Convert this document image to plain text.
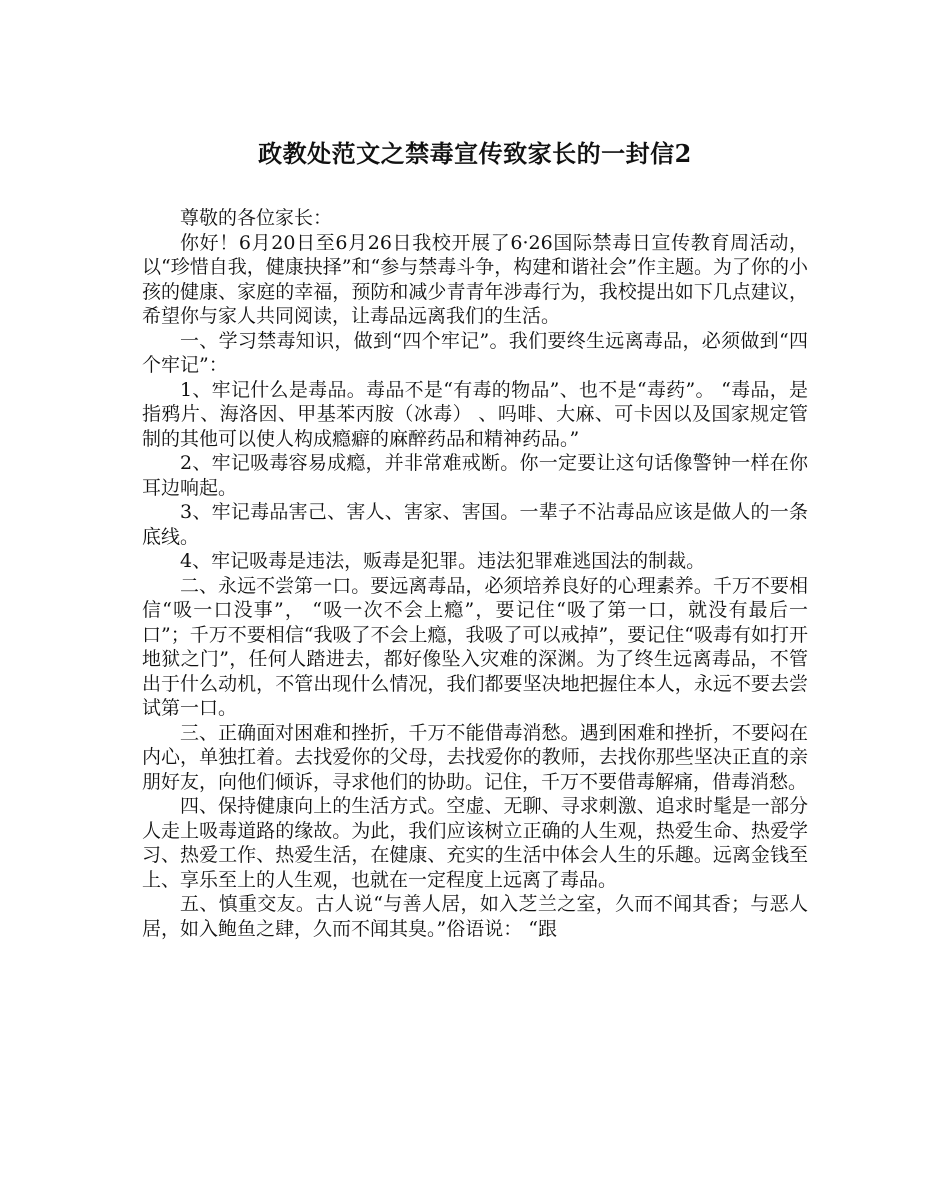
政教处范文之禁毒宣传致家长的一封信2

尊敬的各位家长：

你好！6月20日至6月26日我校开展了6·26国际禁毒日宣传教育周活动，以“珍惜自我，健康抉择”和“参与禁毒斗争，构建和谐社会”作主题。为了你的小孩的健康、家庭的幸福，预防和减少青青年涉毒行为，我校提出如下几点建议，希望你与家人共同阅读，让毒品远离我们的生活。

一、学习禁毒知识，做到“四个牢记”。我们要终生远离毒品，必须做到“四个牢记”：

1、牢记什么是毒品。毒品不是“有毒的物品”、也不是“毒药”。 “毒品，是指鸦片、海洛因、甲基苯丙胺（冰毒） 、吗啡、大麻、可卡因以及国家规定管制的其他可以使人构成瘾癖的麻醉药品和精神药品。”

2、牢记吸毒容易成瘾，并非常难戒断。你一定要让这句话像警钟一样在你耳边响起。

3、牢记毒品害己、害人、害家、害国。一辈子不沾毒品应该是做人的一条底线。

4、牢记吸毒是违法，贩毒是犯罪。违法犯罪难逃国法的制裁。

二、永远不尝第一口。要远离毒品，必须培养良好的心理素养。千万不要相信“吸一口没事”， “吸一次不会上瘾”，要记住“吸了第一口，就没有最后一口”；千万不要相信“我吸了不会上瘾，我吸了可以戒掉”，要记住“吸毒有如打开地狱之门”，任何人踏进去，都好像坠入灾难的深渊。为了终生远离毒品，不管出于什么动机，不管出现什么情况，我们都要坚决地把握住本人，永远不要去尝试第一口。

三、正确面对困难和挫折，千万不能借毒消愁。遇到困难和挫折，不要闷在内心，单独扛着。去找爱你的父母，去找爱你的教师，去找你那些坚决正直的亲朋好友，向他们倾诉，寻求他们的协助。记住，千万不要借毒解痛，借毒消愁。

四、保持健康向上的生活方式。空虚、无聊、寻求刺激、追求时髦是一部分人走上吸毒道路的缘故。为此，我们应该树立正确的人生观，热爱生命、热爱学习、热爱工作、热爱生活，在健康、充实的生活中体会人生的乐趣。远离金钱至上、享乐至上的人生观，也就在一定程度上远离了毒品。

五、慎重交友。古人说“与善人居，如入芝兰之室，久而不闻其香；与恶人居，如入鲍鱼之肆，久而不闻其臭。”俗语说： “跟
